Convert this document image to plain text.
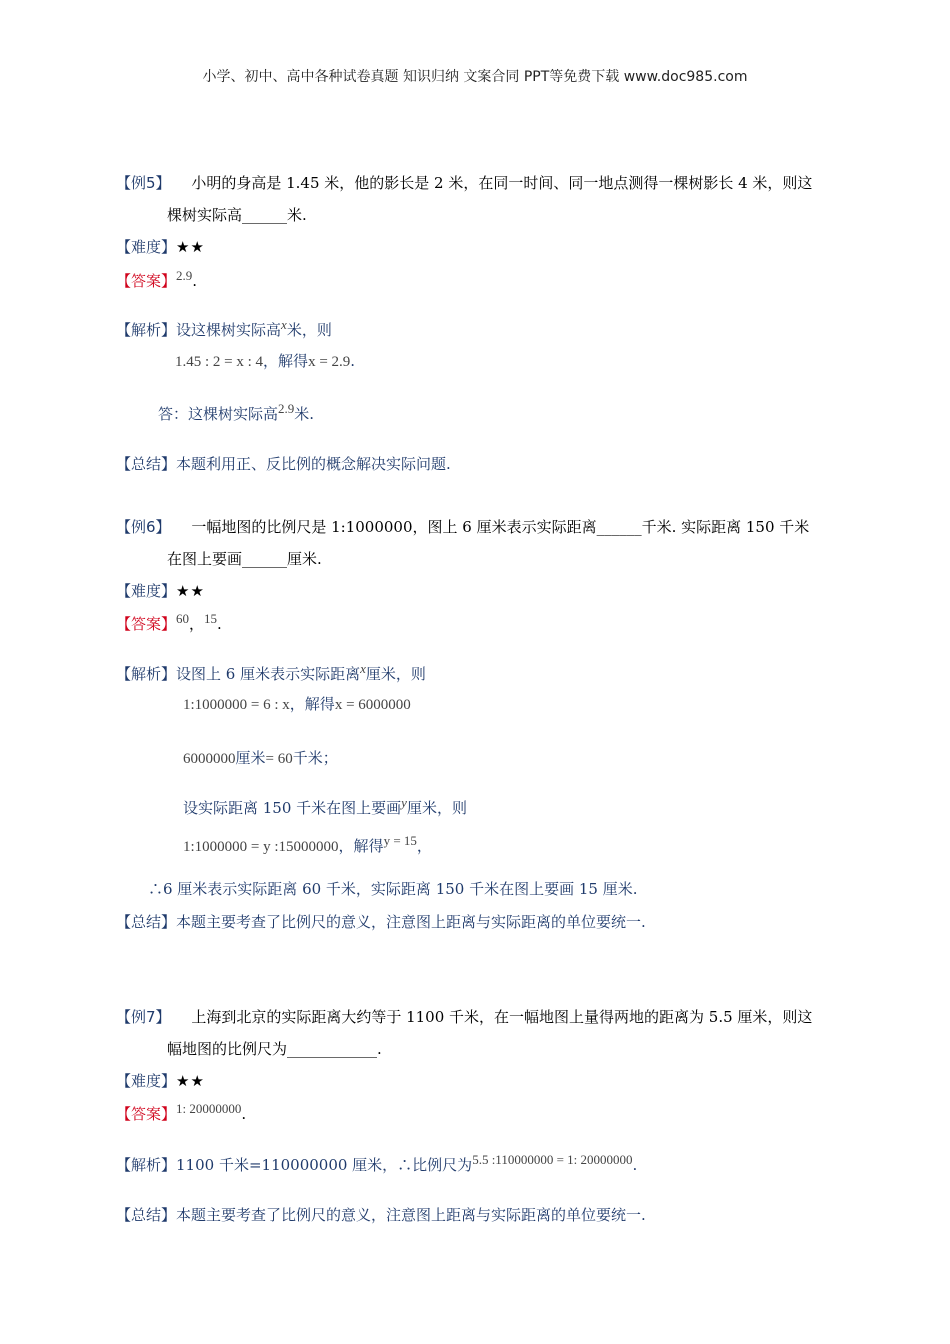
小学、初中、高中各种试卷真题 知识归纳 文案合同 PPT等免费下载 www.doc985.com
【例5】 小明的身高是 1.45 米，他的影长是 2 米，在同一时间、同一地点测得一棵树影长 4 米，则这
棵树实际高______米.
【难度】★★
【答案】2.9.
【解析】设这棵树实际高x米，则
1.45 : 2 = x : 4，解得x = 2.9.
答：这棵树实际高2.9米.
【总结】本题利用正、反比例的概念解决实际问题.
【例6】 一幅地图的比例尺是 1:1000000，图上 6 厘米表示实际距离______千米. 实际距离 150 千米
在图上要画______厘米.
【难度】★★
【答案】60，15.
【解析】设图上 6 厘米表示实际距离x厘米，则
1:1000000 = 6 : x，解得x = 6000000
6000000厘米= 60千米；
设实际距离 150 千米在图上要画y厘米，则
1:1000000 = y :15000000，解得y = 15，
∴6 厘米表示实际距离 60 千米，实际距离 150 千米在图上要画 15 厘米.
【总结】本题主要考查了比例尺的意义，注意图上距离与实际距离的单位要统一.
【例7】 上海到北京的实际距离大约等于 1100 千米，在一幅地图上量得两地的距离为 5.5 厘米，则这
幅地图的比例尺为____________.
【难度】★★
【答案】1: 20000000.
【解析】1100 千米=110000000 厘米，∴比例尺为5.5 :110000000 = 1: 20000000.
【总结】本题主要考查了比例尺的意义，注意图上距离与实际距离的单位要统一.
